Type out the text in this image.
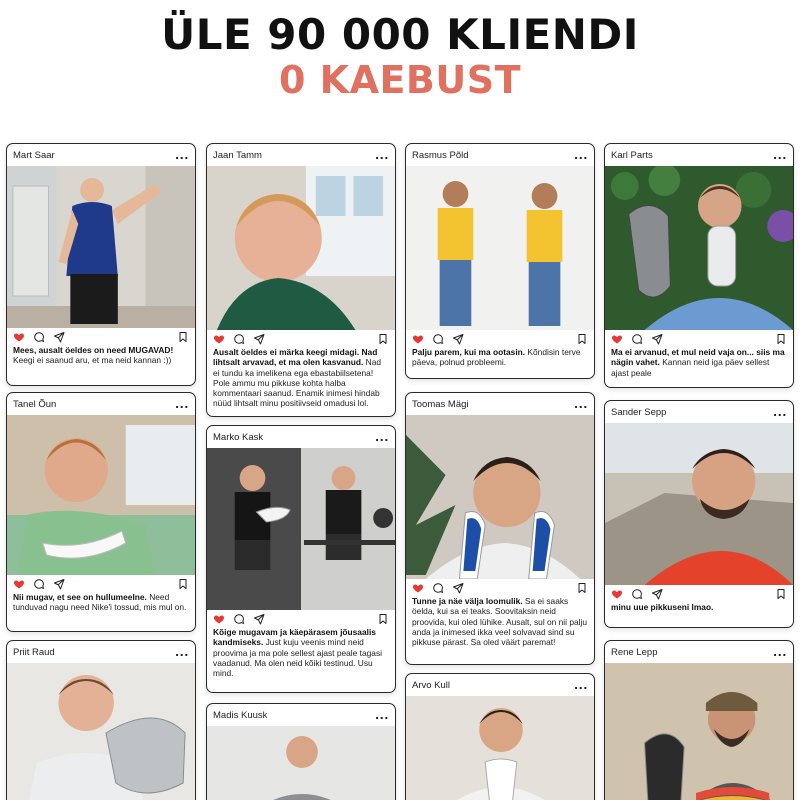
ÜLE 90 000 KLIENDI
0 KAEBUST
Mart Saar	...
Mees, ausalt öeldes on need MUGAVAD! Keegi ei saanud aru, et ma neid kannan :))
Tanel Õun	...
Nii mugav, et see on hullumeelne. Need tunduvad nagu need Nike'i tossud, mis mul on.
Priit Raud	...
Jaan Tamm	...
Ausalt öeldes ei märka keegi midagi. Nad lihtsalt arvavad, et ma olen kasvanud. Nad ei tundu ka imelikena ega ebastabiilsetena! Pole ammu mu pikkuse kohta halba kommentaari saanud. Enamik inimesi hindab nüüd lihtsalt minu positiivseid omadusi lol.
Marko Kask	...
Kõige mugavam ja käepärasem jõusaalis kandmiseks. Just kuju veenis mind neid proovima ja ma pole sellest ajast peale tagasi vaadanud. Ma olen neid kõiki testinud. Usu mind.
Madis Kuusk	...
Rasmus Põld	...
Palju parem, kui ma ootasin. Kõndisin terve päeva, polnud probleemi.
Toomas Mägi	...
Tunne ja näe välja loomulik. Sa ei saaks öelda, kui sa ei teaks. Soovitaksin neid proovida, kui oled lühike. Ausalt, sul on nii palju anda ja inimesed ikka veel solvavad sind su pikkuse pärast. Sa oled väärt paremat!
Arvo Kull	...
Karl Parts	...
Ma ei arvanud, et mul neid vaja on... siis ma nägin vahet. Kannan neid iga päev sellest ajast peale
Sander Sepp	...
minu uue pikkuseni lmao.
Rene Lepp	...
